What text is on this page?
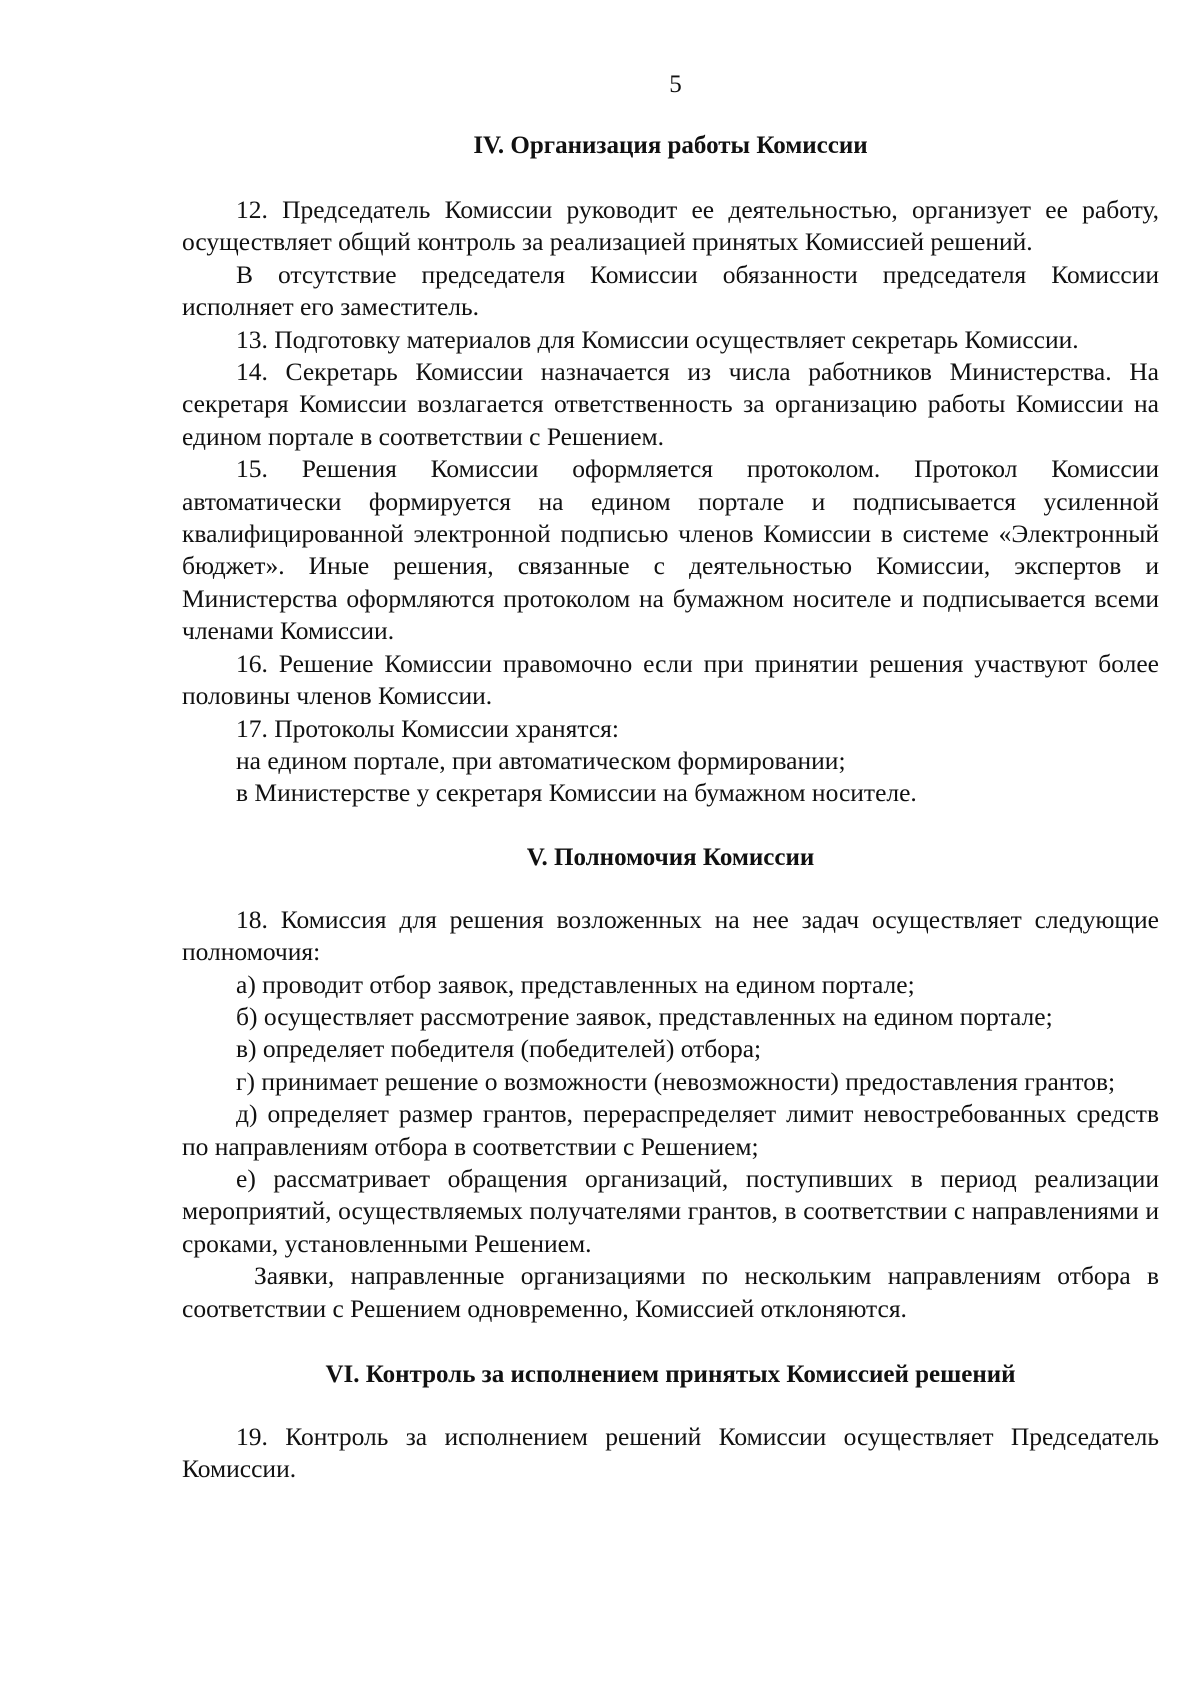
5
IV. Организация работы Комиссии

12. Председатель Комиссии руководит ее деятельностью, организует ее работу, осуществляет общий контроль за реализацией принятых Комиссией решений.

В отсутствие председателя Комиссии обязанности председателя Комиссии исполняет его заместитель.

13. Подготовку материалов для Комиссии осуществляет секретарь Комиссии.

14. Секретарь Комиссии назначается из числа работников Министерства. На секретаря Комиссии возлагается ответственность за организацию работы Комиссии на едином портале в соответствии с Решением.

15. Решения Комиссии оформляется протоколом. Протокол Комиссии автоматически формируется на едином портале и подписывается усиленной квалифицированной электронной подписью членов Комиссии в системе «Электронный бюджет». Иные решения, связанные с деятельностью Комиссии, экспертов и Министерства оформляются протоколом на бумажном носителе и подписывается всеми членами Комиссии.

16. Решение Комиссии правомочно если при принятии решения участвуют более половины членов Комиссии.

17. Протоколы Комиссии хранятся:

на едином портале, при автоматическом формировании;

в Министерстве у секретаря Комиссии на бумажном носителе.

V. Полномочия Комиссии

18. Комиссия для решения возложенных на нее задач осуществляет следующие полномочия:

а) проводит отбор заявок, представленных на едином портале;

б) осуществляет рассмотрение заявок, представленных на едином портале;

в) определяет победителя (победителей) отбора;

г) принимает решение о возможности (невозможности) предоставления грантов;

д) определяет размер грантов, перераспределяет лимит невостребованных средств по направлениям отбора в соответствии с Решением;

е) рассматривает обращения организаций, поступивших в период реализации мероприятий, осуществляемых получателями грантов, в соответствии с направлениями и сроками, установленными Решением.

Заявки, направленные организациями по нескольким направлениям отбора в соответствии с Решением одновременно, Комиссией отклоняются.

VI. Контроль за исполнением принятых Комиссией решений

19. Контроль за исполнением решений Комиссии осуществляет Председатель Комиссии.
